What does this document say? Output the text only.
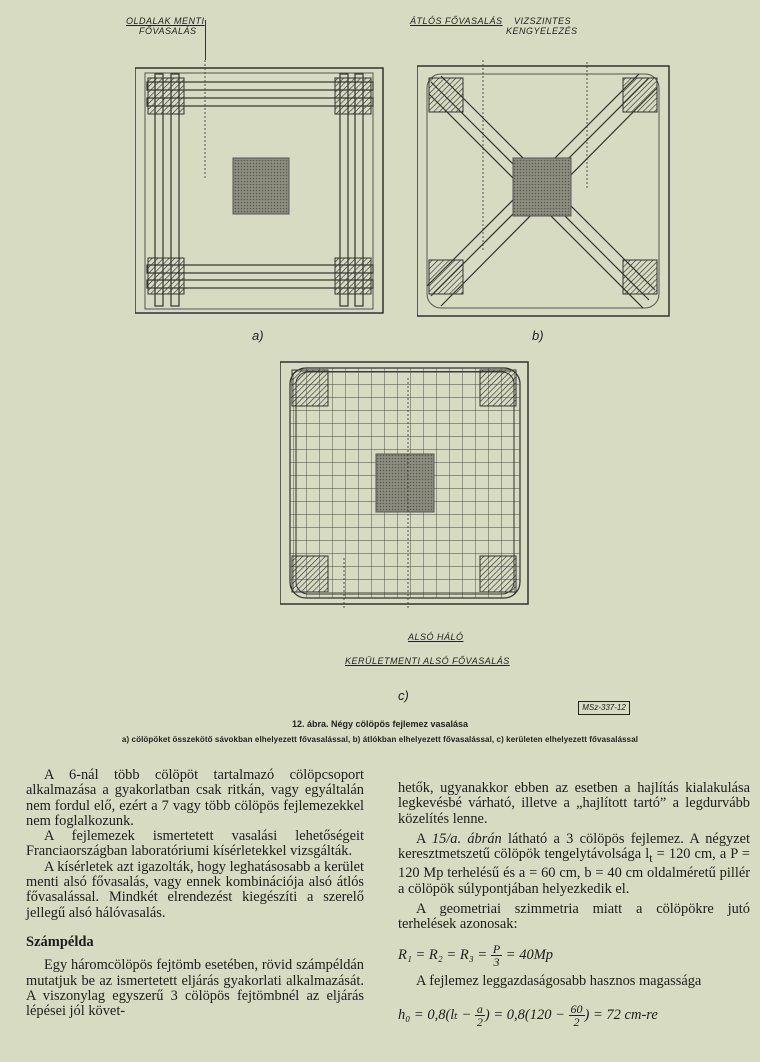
OLDALAK MENTI
FŐVASALÁS
ÁTLÓS FŐVASALÁS VIZSZINTES
KENGYELEZÉS
ALSÓ HÁLÓ
KERÜLETMENTI ALSÓ FŐVASALÁS
a)	b)
c)
MSz-337-12
12. ábra. Négy cölöpös fejlemez vasalása
a) cölöpöket összekötő sávokban elhelyezett fővasalással, b) átlókban elhelyezett fővasalással, c) kerületen elhelyezett fővasalással

A 6-nál több cölöpöt tartalmazó cölöpcsoport alkalmazása a gyakorlatban csak ritkán, vagy egyáltalán nem fordul elő, ezért a 7 vagy több cölöpös fejlemezekkel nem foglalkozunk.

A fejlemezek ismertetett vasalási lehetőségeit Franciaországban laboratóriumi kísérletekkel vizsgálták.

A kísérletek azt igazolták, hogy leghatásosabb a kerület menti alsó fővasalás, vagy ennek kombinációja alsó átlós fővasalással. Mindkét elrendezést kiegészíti a szerelő jellegű alsó hálóvasalás.

Számpélda

Egy háromcölöpös fejtömb esetében, rövid számpéldán mutatjuk be az ismertetett eljárás gyakorlati alkalmazását. A viszonylag egyszerű 3 cölöpös fejtömbnél az eljárás lépései jól követ-

hetők, ugyanakkor ebben az esetben a hajlítás kialakulása legkevésbé várható, illetve a „hajlított tartó” a legdurvább közelítés lenne.

A 15/a. ábrán látható a 3 cölöpös fejlemez. A négyzet keresztmetszetű cölöpök tengelytávolsága $l_t = 120$ cm, a P = 120 Mp terhelésű és a = 60 cm, b = 40 cm oldalméretű pillér a cölöpök súlypontjában helyezkedik el.

A geometriai szimmetria miatt a cölöpökre jutó terhelések azonosak:

$R_1 = R_2 = R_3 = \frac{P}{3} = 40Mp$

A fejlemez leggazdaságosabb hasznos magassága

$h_0 = 0,8(l_t - \frac{a}{2}$ ) = $0,8(120 - \frac{60}{2}$ ) = 72 cm-re
